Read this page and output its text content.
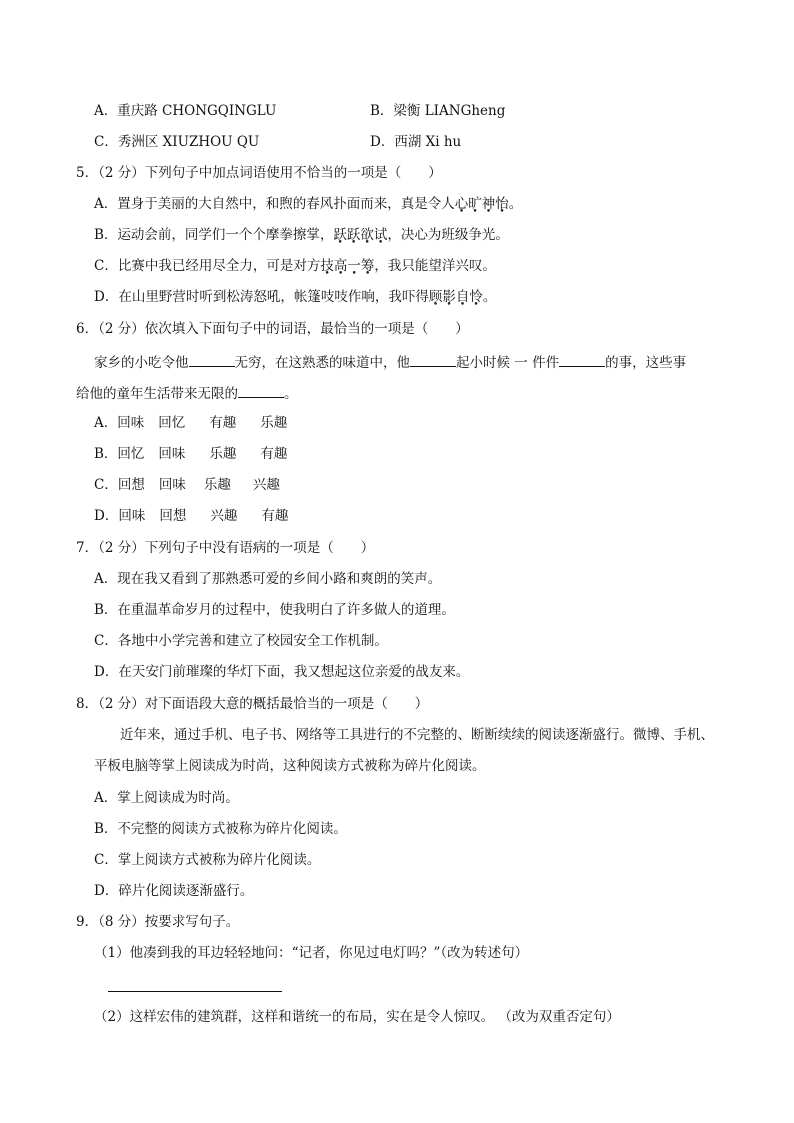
A．重庆路 CHONGQINGLU	B．梁衡 LIANGheng
C．秀洲区 XIUZHOU QU	D．西湖 Xi hu
5．（2 分）下列句子中加点词语使用不恰当的一项是（　　）
A．置身于美丽的大自然中，和煦的春风扑面而来，真是令人心旷神怡。
B．运动会前，同学们一个个摩拳擦掌，跃跃欲试，决心为班级争光。
C．比赛中我已经用尽全力，可是对方技高一筹，我只能望洋兴叹。
D．在山里野营时听到松涛怒吼，帐篷吱吱作响，我吓得顾影自怜。
6．（2 分）依次填入下面句子中的词语，最恰当的一项是（　　）
家乡的小吃令他	无穷，在这熟悉的味道中，他	起小时候 一 件件	的事，这些事
给他的童年生活带来无限的	。
A．回味 回忆 有趣 乐趣
B．回忆 回味 乐趣 有趣
C．回想 回味 乐趣 兴趣
D．回味 回想 兴趣 有趣
7．（2 分）下列句子中没有语病的一项是（　　）
A．现在我又看到了那熟悉可爱的乡间小路和爽朗的笑声。
B．在重温革命岁月的过程中，使我明白了许多做人的道理。
C．各地中小学完善和建立了校园安全工作机制。
D．在天安门前璀璨的华灯下面，我又想起这位亲爱的战友来。
8．（2 分）对下面语段大意的概括最恰当的一项是（　　）
近年来，通过手机、电子书、网络等工具进行的不完整的、断断续续的阅读逐渐盛行。微博、手机、
平板电脑等掌上阅读成为时尚，这种阅读方式被称为碎片化阅读。
A．掌上阅读成为时尚。
B．不完整的阅读方式被称为碎片化阅读。
C．掌上阅读方式被称为碎片化阅读。
D．碎片化阅读逐渐盛行。
9．（8 分）按要求写句子。
（1）他凑到我的耳边轻轻地问：“记者，你见过电灯吗？”（改为转述句）
（2）这样宏伟的建筑群，这样和谐统一的布局，实在是令人惊叹。 （改为双重否定句）
